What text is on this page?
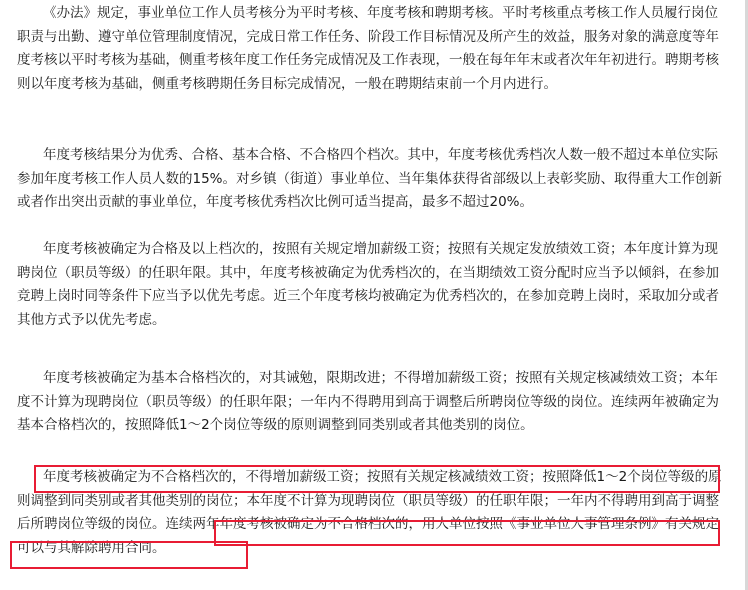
《办法》规定，事业单位工作人员考核分为平时考核、年度考核和聘期考核。平时考核重点考核工作人员履行岗位职责与出勤、遵守单位管理制度情况，完成日常工作任务、阶段工作目标情况及所产生的效益，服务对象的满意度等年度考核以平时考核为基础，侧重考核年度工作任务完成情况及工作表现，一般在每年年末或者次年年初进行。聘期考核则以年度考核为基础，侧重考核聘期任务目标完成情况，一般在聘期结束前一个月内进行。

年度考核结果分为优秀、合格、基本合格、不合格四个档次。其中，年度考核优秀档次人数一般不超过本单位实际参加年度考核工作人员人数的15%。对乡镇（街道）事业单位、当年集体获得省部级以上表彰奖励、取得重大工作创新或者作出突出贡献的事业单位，年度考核优秀档次比例可适当提高，最多不超过20%。

年度考核被确定为合格及以上档次的，按照有关规定增加薪级工资；按照有关规定发放绩效工资；本年度计算为现聘岗位（职员等级）的任职年限。其中，年度考核被确定为优秀档次的，在当期绩效工资分配时应当予以倾斜，在参加竞聘上岗时同等条件下应当予以优先考虑。近三个年度考核均被确定为优秀档次的，在参加竞聘上岗时，采取加分或者其他方式予以优先考虑。

年度考核被确定为基本合格档次的，对其诫勉，限期改进；不得增加薪级工资；按照有关规定核减绩效工资；本年度不计算为现聘岗位（职员等级）的任职年限；一年内不得聘用到高于调整后所聘岗位等级的岗位。连续两年被确定为基本合格档次的，按照降低1～2个岗位等级的原则调整到同类别或者其他类别的岗位。

年度考核被确定为不合格档次的，不得增加薪级工资；按照有关规定核减绩效工资；按照降低1～2个岗位等级的原则调整到同类别或者其他类别的岗位；本年度不计算为现聘岗位（职员等级）的任职年限；一年内不得聘用到高于调整后所聘岗位等级的岗位。连续两年年度考核被确定为不合格档次的，用人单位按照《事业单位人事管理条例》有关规定可以与其解除聘用合同。
